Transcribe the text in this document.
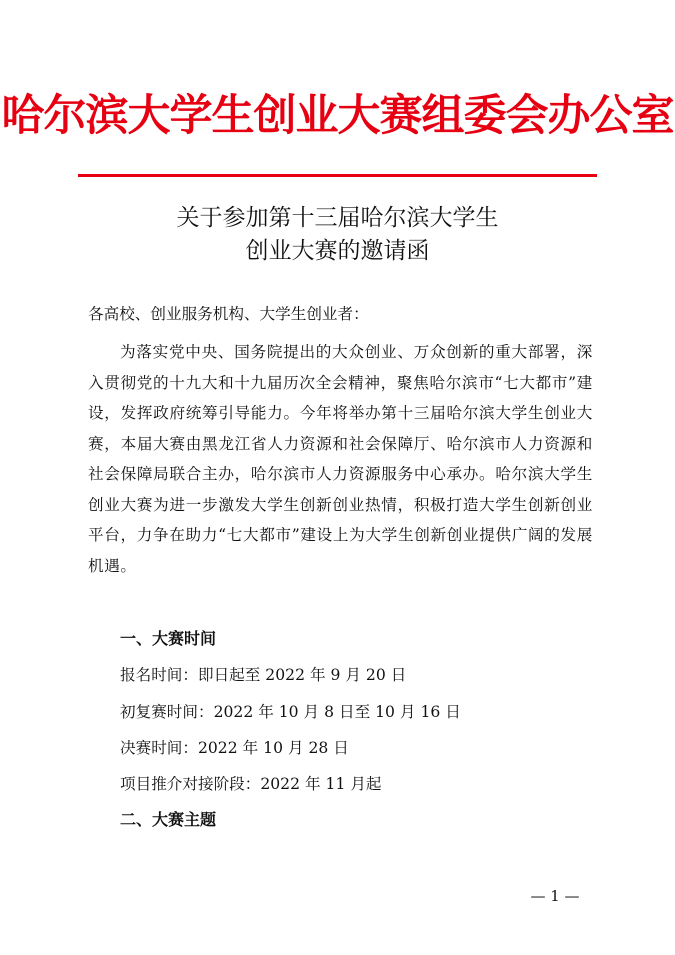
哈尔滨大学生创业大赛组委会办公室
关于参加第十三届哈尔滨大学生
创业大赛的邀请函
各高校、创业服务机构、大学生创业者：
为落实党中央、国务院提出的大众创业、万众创新的重大部署，深入贯彻党的十九大和十九届历次全会精神，聚焦哈尔滨市“七大都市”建设，发挥政府统筹引导能力。今年将举办第十三届哈尔滨大学生创业大赛，本届大赛由黑龙江省人力资源和社会保障厅、哈尔滨市人力资源和社会保障局联合主办，哈尔滨市人力资源服务中心承办。哈尔滨大学生创业大赛为进一步激发大学生创新创业热情，积极打造大学生创新创业平台，力争在助力“七大都市”建设上为大学生创新创业提供广阔的发展机遇。
一、大赛时间
报名时间：即日起至 2022 年 9 月 20 日
初复赛时间：2022 年 10 月 8 日至 10 月 16 日
决赛时间：2022 年 10 月 28 日
项目推介对接阶段：2022 年 11 月起
二、大赛主题
— 1 —
